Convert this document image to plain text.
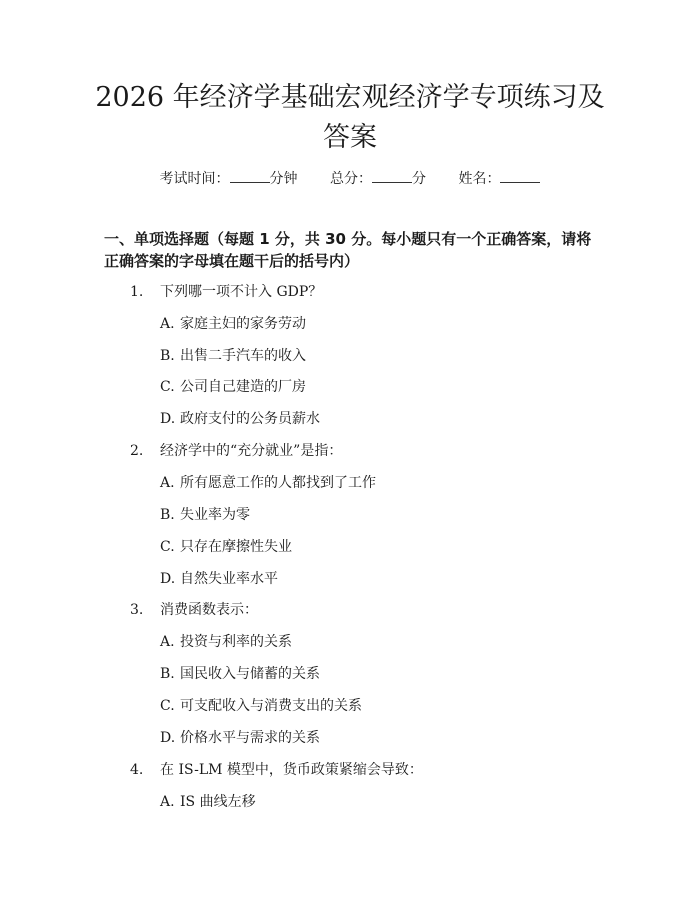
2026 年经济学基础宏观经济学专项练习及答案
考试时间：	分钟 总分：	分 姓名：
一、单项选择题（每题 1 分，共 30 分。每小题只有一个正确答案，请将正确答案的字母填在题干后的括号内）
1. 下列哪一项不计入 GDP？
A. 家庭主妇的家务劳动
B. 出售二手汽车的收入
C. 公司自己建造的厂房
D. 政府支付的公务员薪水
2. 经济学中的“充分就业”是指：
A. 所有愿意工作的人都找到了工作
B. 失业率为零
C. 只存在摩擦性失业
D. 自然失业率水平
3. 消费函数表示：
A. 投资与利率的关系
B. 国民收入与储蓄的关系
C. 可支配收入与消费支出的关系
D. 价格水平与需求的关系
4. 在 IS-LM 模型中，货币政策紧缩会导致：
A. IS 曲线左移
